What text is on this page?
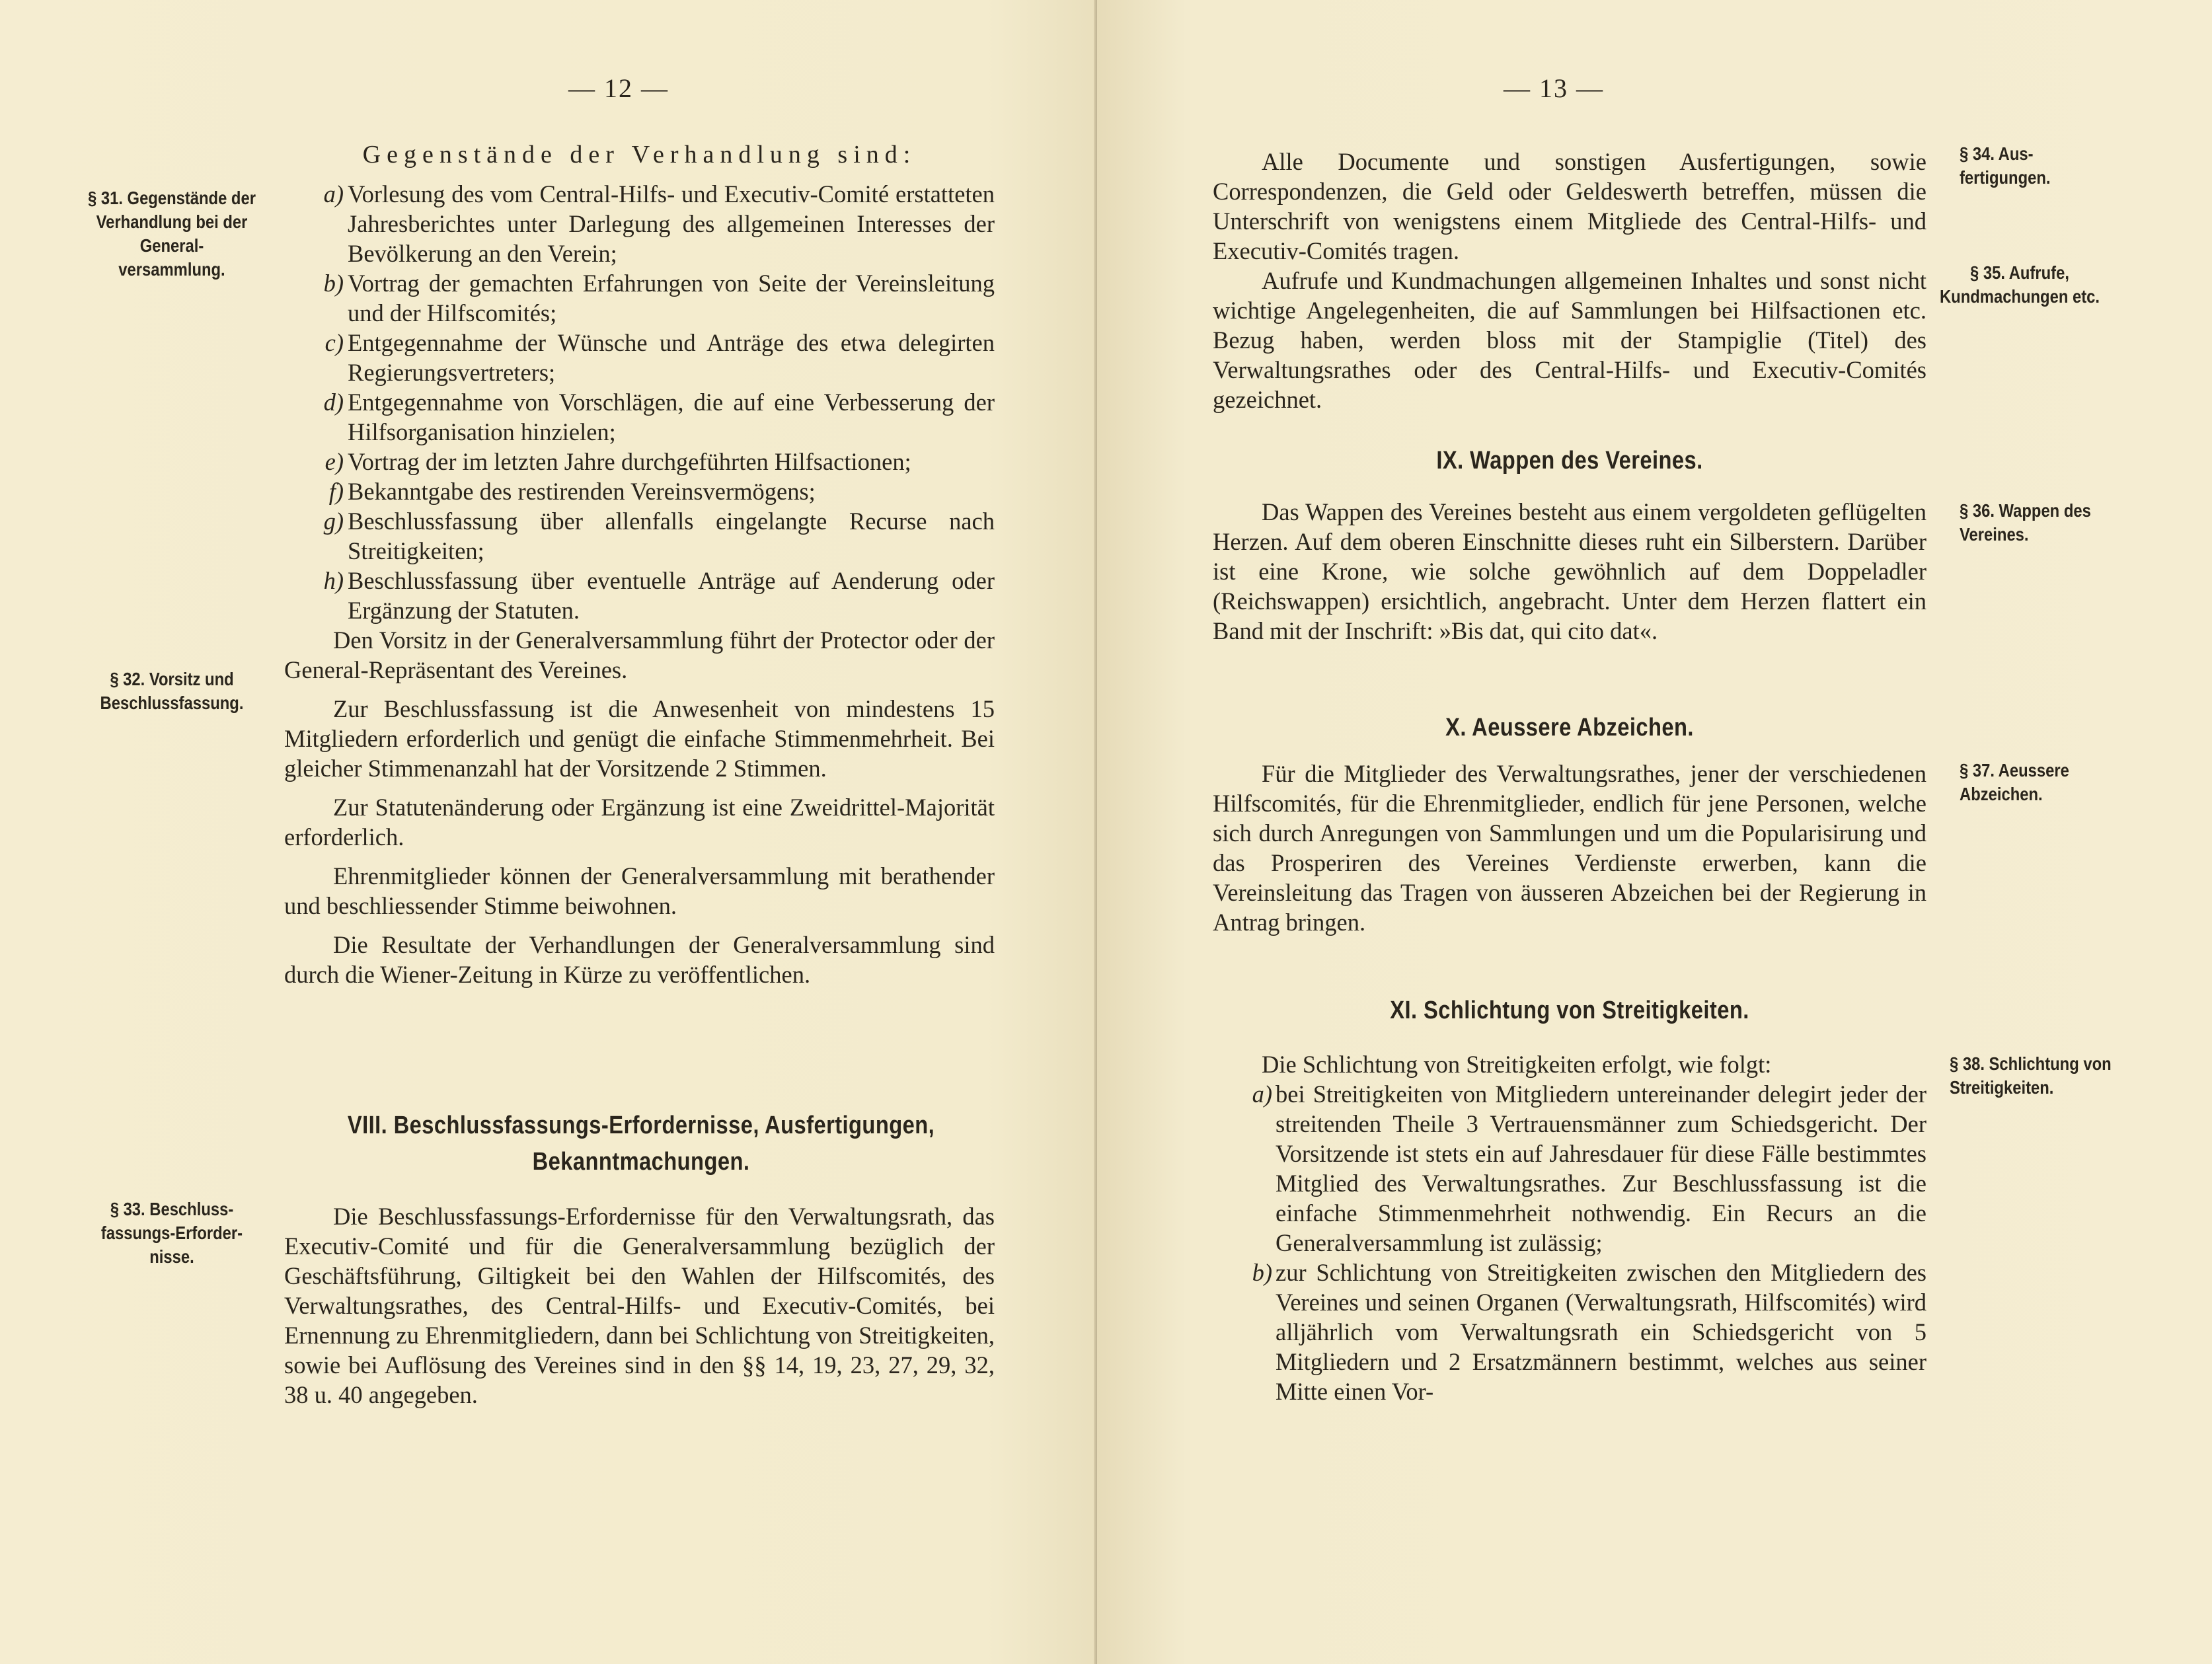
— 12 —
§ 31. Gegenstände der Verhandlung bei der General-versammlung.
§ 32. Vorsitz und Beschlussfassung.
§ 33. Beschluss-fassungs-Erforder-nisse.

Gegenstände der Verhandlung sind:

a) Vorlesung des vom Central-Hilfs- und Executiv-Comité erstatteten Jahresberichtes unter Darlegung des allgemeinen Interesses der Bevölkerung an den Verein;

b) Vortrag der gemachten Erfahrungen von Seite der Vereinsleitung und der Hilfscomités;

c) Entgegennahme der Wünsche und Anträge des etwa delegirten Regierungsvertreters;

d) Entgegennahme von Vorschlägen, die auf eine Verbesserung der Hilfsorganisation hinzielen;

e) Vortrag der im letzten Jahre durchgeführten Hilfsactionen;

f) Bekanntgabe des restirenden Vereinsvermögens;

g) Beschlussfassung über allenfalls eingelangte Recurse nach Streitigkeiten;

h) Beschlussfassung über eventuelle Anträge auf Aenderung oder Ergänzung der Statuten.

Den Vorsitz in der Generalversammlung führt der Protector oder der General-Repräsentant des Vereines.

Zur Beschlussfassung ist die Anwesenheit von mindestens 15 Mitgliedern erforderlich und genügt die einfache Stimmenmehrheit. Bei gleicher Stimmenanzahl hat der Vorsitzende 2 Stimmen.

Zur Statutenänderung oder Ergänzung ist eine Zweidrittel-Majorität erforderlich.

Ehrenmitglieder können der Generalversammlung mit berathender und beschliessender Stimme beiwohnen.

Die Resultate der Verhandlungen der Generalversammlung sind durch die Wiener-Zeitung in Kürze zu veröffentlichen.

VIII. Beschlussfassungs-Erfordernisse, Ausfertigungen,
Bekanntmachungen.

Die Beschlussfassungs-Erfordernisse für den Verwaltungsrath, das Executiv-Comité und für die Generalversammlung bezüglich der Geschäftsführung, Giltigkeit bei den Wahlen der Hilfscomités, des Verwaltungsrathes, des Central-Hilfs- und Executiv-Comités, bei Ernennung zu Ehrenmitgliedern, dann bei Schlichtung von Streitigkeiten, sowie bei Auflösung des Vereines sind in den §§ 14, 19, 23, 27, 29, 32, 38 u. 40 angegeben.

— 13 —

Alle Documente und sonstigen Ausfertigungen, sowie Correspondenzen, die Geld oder Geldeswerth betreffen, müssen die Unterschrift von wenigstens einem Mitgliede des Central-Hilfs- und Executiv-Comités tragen.

Aufrufe und Kundmachungen allgemeinen Inhaltes und sonst nicht wichtige Angelegenheiten, die auf Sammlungen bei Hilfsactionen etc. Bezug haben, werden bloss mit der Stampiglie (Titel) des Verwaltungsrathes oder des Central-Hilfs- und Executiv-Comités gezeichnet.

IX. Wappen des Vereines.

Das Wappen des Vereines besteht aus einem vergoldeten geflügelten Herzen. Auf dem oberen Einschnitte dieses ruht ein Silberstern. Darüber ist eine Krone, wie solche gewöhnlich auf dem Doppeladler (Reichswappen) ersichtlich, angebracht. Unter dem Herzen flattert ein Band mit der Inschrift: »Bis dat, qui cito dat«.

X. Aeussere Abzeichen.

Für die Mitglieder des Verwaltungsrathes, jener der verschiedenen Hilfscomités, für die Ehrenmitglieder, endlich für jene Personen, welche sich durch Anregungen von Sammlungen und um die Popularisirung und das Prosperiren des Vereines Verdienste erwerben, kann die Vereinsleitung das Tragen von äusseren Abzeichen bei der Regierung in Antrag bringen.

XI. Schlichtung von Streitigkeiten.

Die Schlichtung von Streitigkeiten erfolgt, wie folgt:

a) bei Streitigkeiten von Mitgliedern untereinander delegirt jeder der streitenden Theile 3 Vertrauensmänner zum Schiedsgericht. Der Vorsitzende ist stets ein auf Jahresdauer für diese Fälle bestimmtes Mitglied des Verwaltungsrathes. Zur Beschlussfassung ist die einfache Stimmenmehrheit nothwendig. Ein Recurs an die Generalversammlung ist zulässig;

b) zur Schlichtung von Streitigkeiten zwischen den Mitgliedern des Vereines und seinen Organen (Verwaltungsrath, Hilfscomités) wird alljährlich vom Verwaltungsrath ein Schiedsgericht von 5 Mitgliedern und 2 Ersatzmännern bestimmt, welches aus seiner Mitte einen Vor-

§ 34. Aus-fertigungen.
§ 35. Aufrufe, Kundmachungen etc.
§ 36. Wappen des Vereines.
§ 37. Aeussere Abzeichen.
§ 38. Schlichtung von Streitigkeiten.
